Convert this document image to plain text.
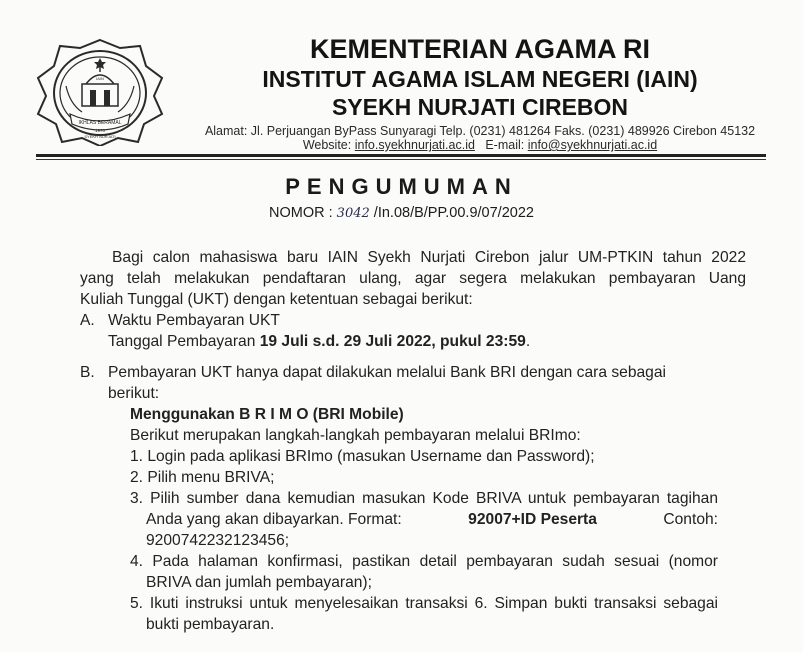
IKHLAS BERAMAL
1970
IAIN
SYEKH NURJATI
KEMENTERIAN AGAMA RI
INSTITUT AGAMA ISLAM NEGERI (IAIN)
SYEKH NURJATI CIREBON
Alamat: Jl. Perjuangan ByPass Sunyaragi Telp. (0231) 481264 Faks. (0231) 489926 Cirebon 45132
Website: info.syekhnurjati.ac.id E-mail: info@syekhnurjati.ac.id
PENGUMUMAN
NOMOR : 3042 /In.08/B/PP.00.9/07/2022
Bagi calon mahasiswa baru IAIN Syekh Nurjati Cirebon jalur UM-PTKIN tahun 2022
yang telah melakukan pendaftaran ulang, agar segera melakukan pembayaran Uang
Kuliah Tunggal (UKT) dengan ketentuan sebagai berikut:
A. Waktu Pembayaran UKT
Tanggal Pembayaran 19 Juli s.d. 29 Juli 2022, pukul 23:59.
B. Pembayaran UKT hanya dapat dilakukan melalui Bank BRI dengan cara sebagai
berikut:
Menggunakan B R I M O (BRI Mobile)
Berikut merupakan langkah-langkah pembayaran melalui BRImo:
1. Login pada aplikasi BRImo (masukan Username dan Password);
2. Pilih menu BRIVA;
3. Pilih sumber dana kemudian masukan Kode BRIVA untuk pembayaran tagihan
Anda yang akan dibayarkan. Format:	92007+ID Peserta	Contoh:
9200742232123456;
4. Pada halaman konfirmasi, pastikan detail pembayaran sudah sesuai (nomor
BRIVA dan jumlah pembayaran);
5. Ikuti instruksi untuk menyelesaikan transaksi 6. Simpan bukti transaksi sebagai
bukti pembayaran.
